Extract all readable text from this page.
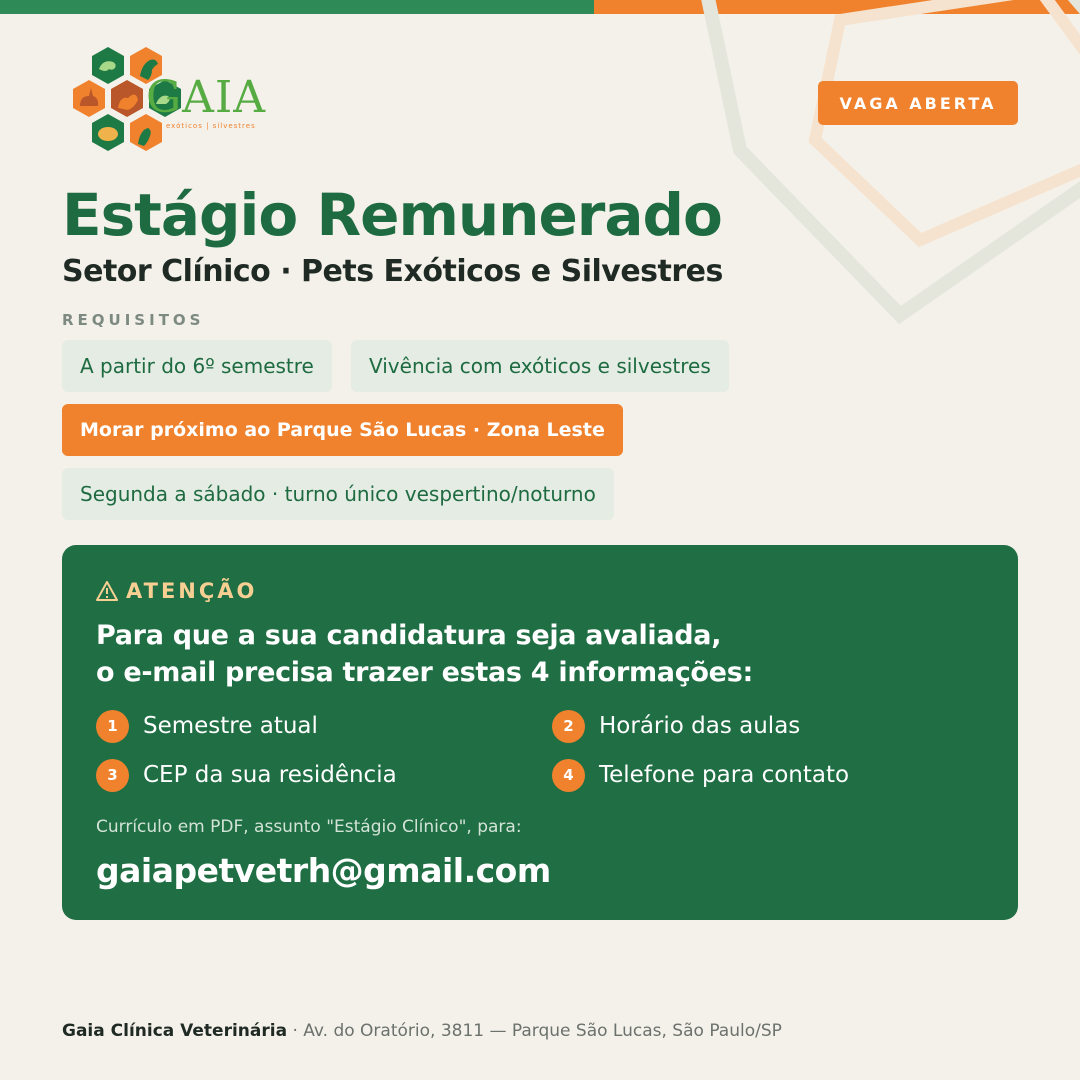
GAIA
exóticos | silvestres
VAGA ABERTA
Estágio Remunerado
Setor Clínico · Pets Exóticos e Silvestres
REQUISITOS
A partir do 6º semestre	Vivência com exóticos e silvestres
Morar próximo ao Parque São Lucas · Zona Leste
Segunda a sábado · turno único vespertino/noturno
ATENÇÃO
Para que a sua candidatura seja avaliada,
o e-mail precisa trazer estas 4 informações:
1	Semestre atual	2	Horário das aulas
3	CEP da sua residência	4	Telefone para contato
Currículo em PDF, assunto "Estágio Clínico", para:
gaiapetvetrh@gmail.com
Gaia Clínica Veterinária · Av. do Oratório, 3811 — Parque São Lucas, São Paulo/SP
